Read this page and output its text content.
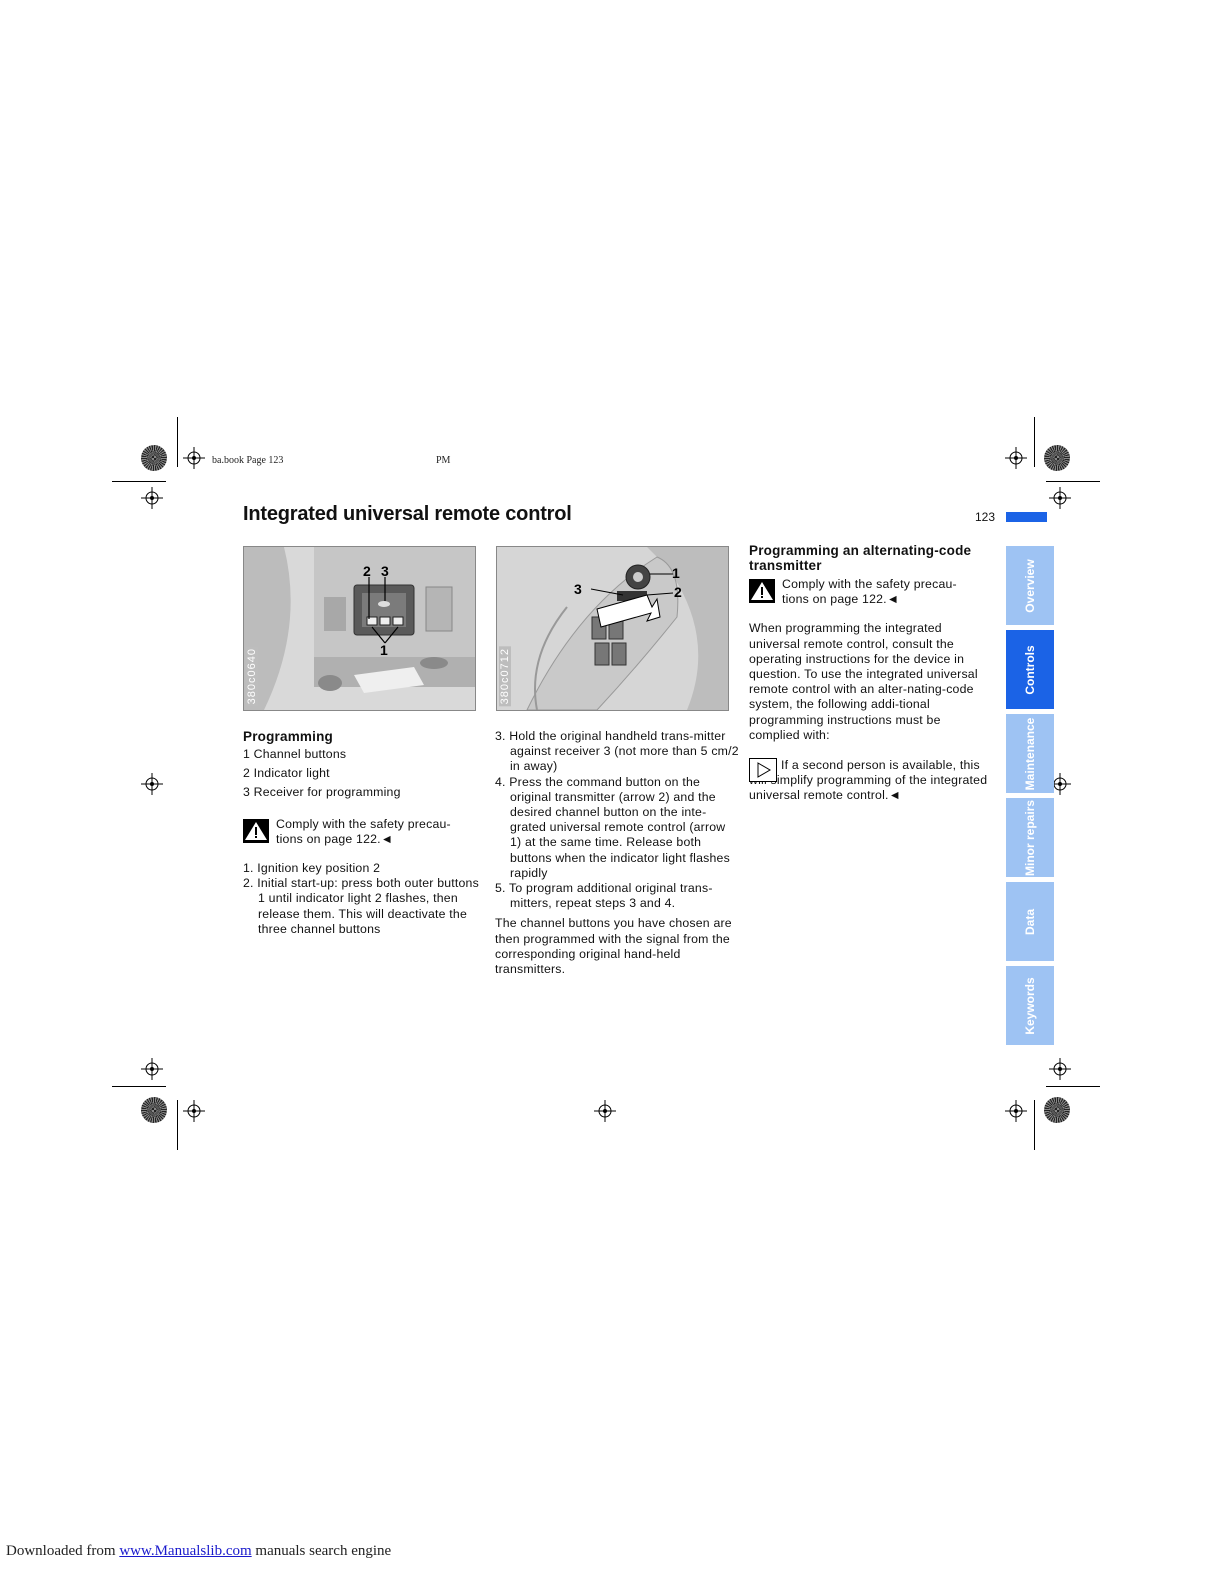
ba.book Page 123	PM
Integrated universal remote control	123
2 3
1
380c0640
1
3	2
380c0712

Programming

1 Channel buttons

2 Indicator light

3 Receiver for programming

Comply with the safety precau-tions on page 122.◄

1. Ignition key position 2

2. Initial start-up: press both outer buttons 1 until indicator light 2 flashes, then release them. This will deactivate the three channel buttons

3. Hold the original handheld trans-mitter against receiver 3 (not more than 5 cm/2 in away)

4. Press the command button on the original transmitter (arrow 2) and the desired channel button on the inte-grated universal remote control (arrow 1) at the same time. Release both buttons when the indicator light flashes rapidly

5. To program additional original trans-mitters, repeat steps 3 and 4.

The channel buttons you have chosen are then programmed with the signal from the corresponding original hand-held transmitters.

Programming an alternating-code transmitter

Comply with the safety precau-tions on page 122.◄

When programming the integrated universal remote control, consult the operating instructions for the device in question. To use the integrated universal remote control with an alter-nating-code system, the following addi-tional programming instructions must be complied with:

If a second person is available, this will simplify programming of the integrated universal remote control.◄

Overview
Controls
Maintenance
Minor repairs
Data
Keywords
Downloaded from www.Manualslib.com manuals search engine
